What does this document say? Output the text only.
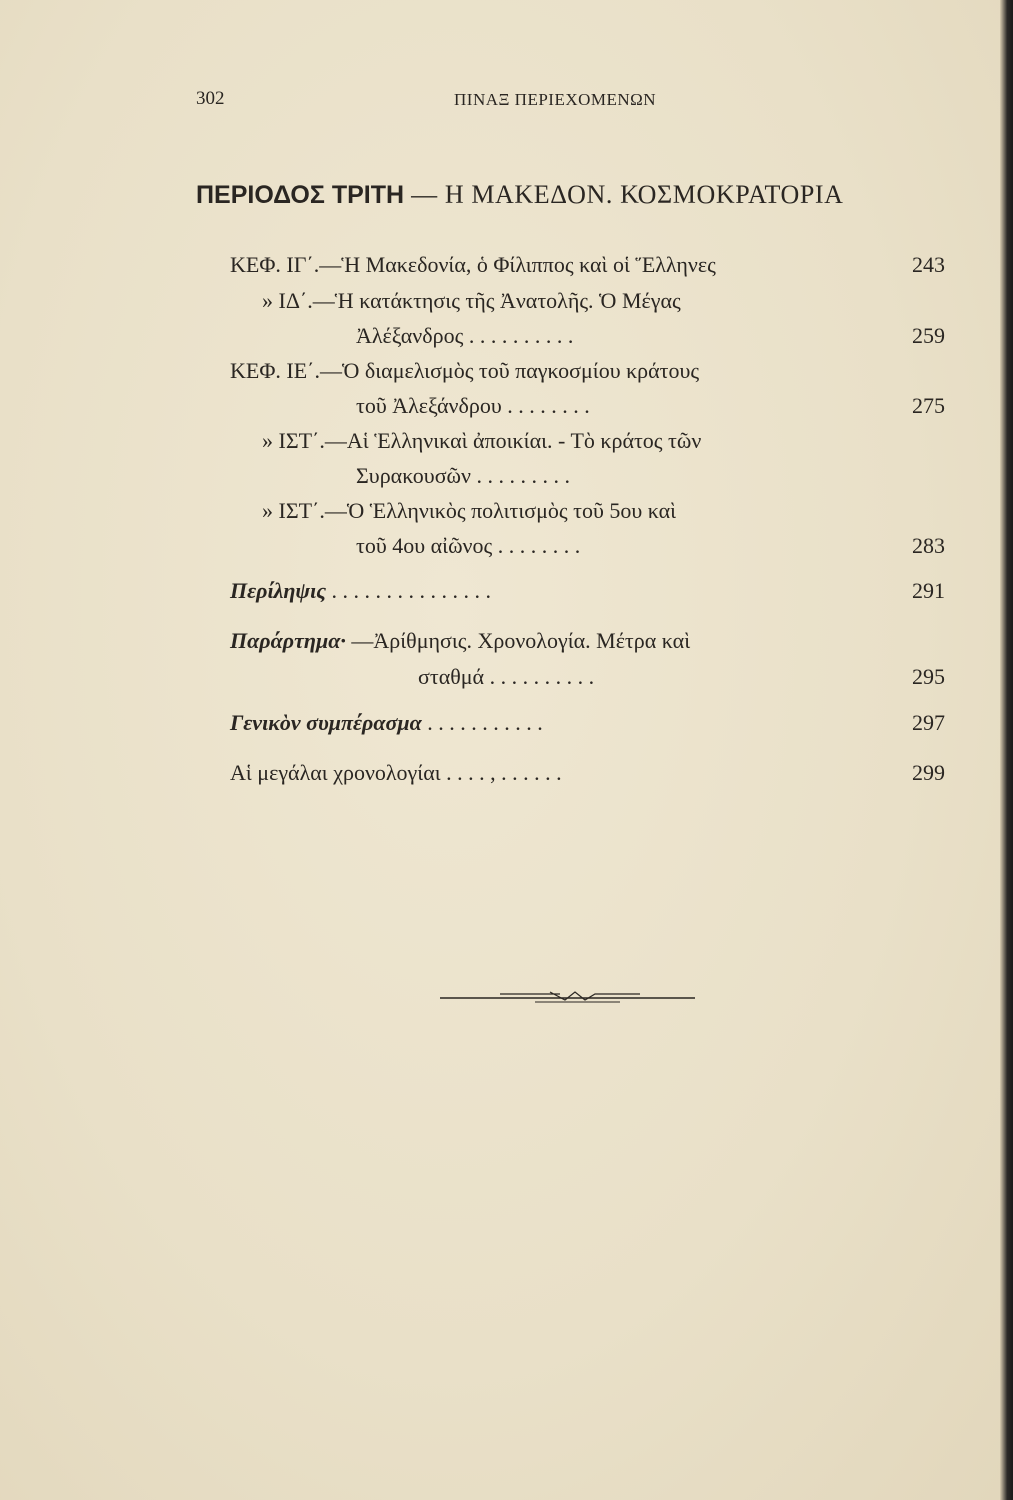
302	ΠΙΝΑΞ ΠΕΡΙΕΧΟΜΕΝΩΝ
ΠΕΡΙΟΔΟΣ ΤΡΙΤΗ — Η ΜΑΚΕΔΟΝ. ΚΟΣΜΟΚΡΑΤΟΡΙΑ
ΚΕΦ. ΙΓ΄.—Ἡ Μακεδονία, ὁ Φίλιππος καὶ οἱ Ἕλληνες	243
» ΙΔ΄.—Ἡ κατάκτησις τῆς Ἀνατολῆς. Ὁ Μέγας
Ἀλέξανδρος . . . . . . . . . .	259
ΚΕΦ. ΙΕ΄.—Ὁ διαμελισμὸς τοῦ παγκοσμίου κράτους
τοῦ Ἀλεξάνδρου . . . . . . . .	275
» ΙΣΤ΄.—Αἱ Ἑλληνικαὶ ἀποικίαι. - Τὸ κράτος τῶν
Συρακουσῶν . . . . . . . . .
» ΙΣΤ΄.—Ὁ Ἑλληνικὸς πολιτισμὸς τοῦ 5ου καὶ
τοῦ 4ου αἰῶνος . . . . . . . .	283
Περίληψις . . . . . . . . . . . . . . .	291
Παράρτημα· —Ἀρίθμησις. Χρονολογία. Μέτρα καὶ
σταθμά . . . . . . . . . .	295
Γενικὸν συμπέρασμα . . . . . . . . . . .	297
Αἱ μεγάλαι χρονολογίαι . . . . , . . . . . .	299
